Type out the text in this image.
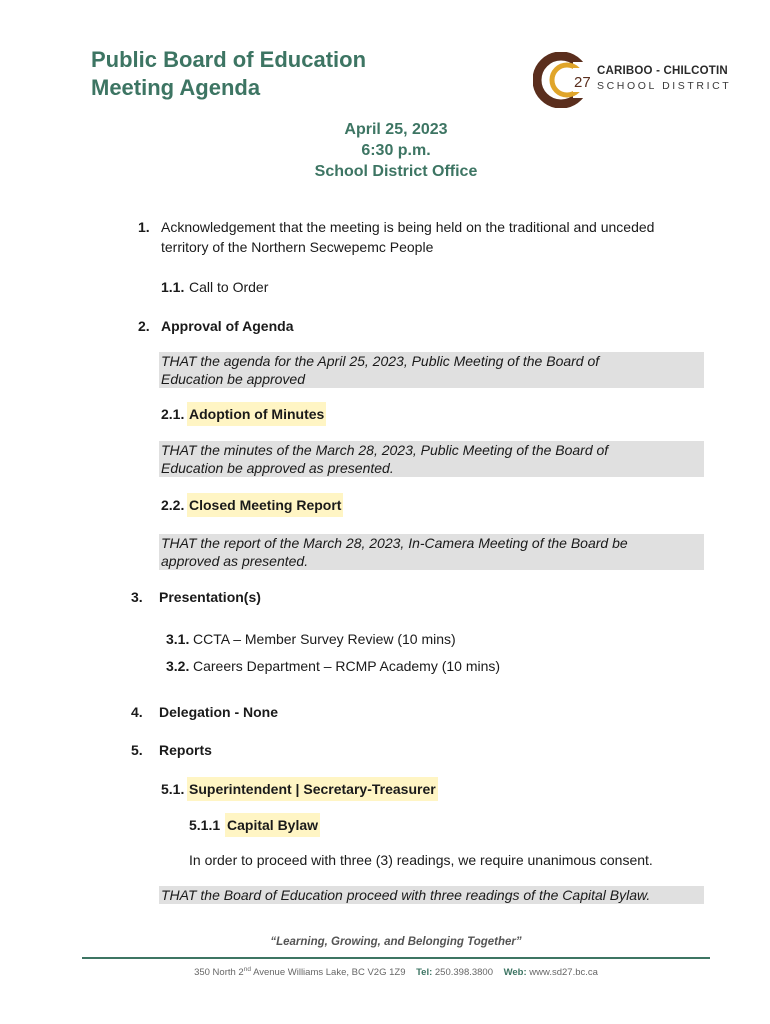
Public Board of Education
Meeting Agenda	27
CARIBOO - CHILCOTIN
SCHOOL DISTRICT
April 25, 2023
6:30 p.m.
School District Office
1. Acknowledgement that the meeting is being held on the traditional and unceded
territory of the Northern Secwepemc People
1.1. Call to Order
2. Approval of Agenda
THAT the agenda for the April 25, 2023, Public Meeting of the Board of
Education be approved
2.1. Adoption of Minutes
THAT the minutes of the March 28, 2023, Public Meeting of the Board of
Education be approved as presented.
2.2. Closed Meeting Report
THAT the report of the March 28, 2023, In-Camera Meeting of the Board be
approved as presented.
3. Presentation(s)
3.1. CCTA – Member Survey Review (10 mins)
3.2. Careers Department – RCMP Academy (10 mins)
4. Delegation - None
5. Reports
5.1. Superintendent | Secretary-Treasurer
5.1.1 Capital Bylaw
In order to proceed with three (3) readings, we require unanimous consent.
THAT the Board of Education proceed with three readings of the Capital Bylaw.
“Learning, Growing, and Belonging Together”
350 North 2nd Avenue Williams Lake, BC V2G 1Z9 Tel: 250.398.3800 Web: www.sd27.bc.ca
